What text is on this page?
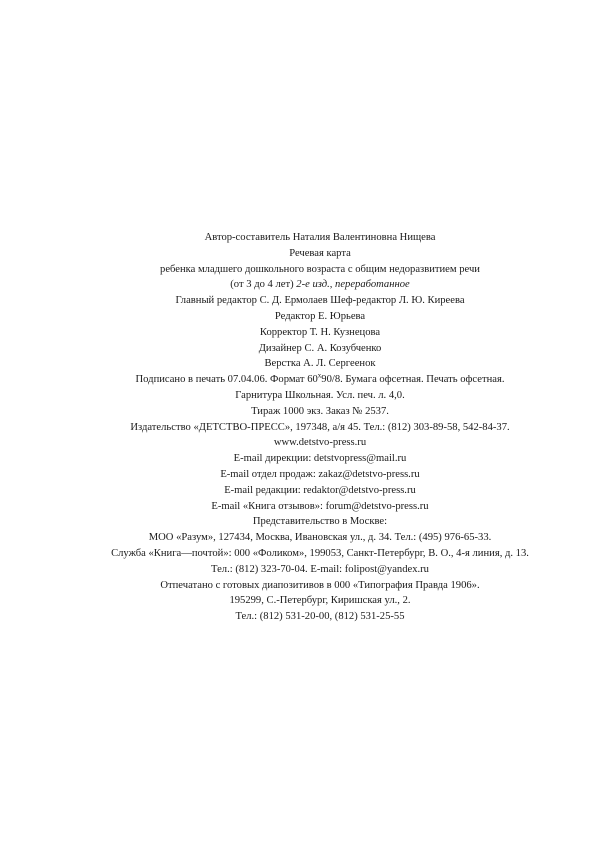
Автор-составитель Наталия Валентиновна Нищева
Речевая карта
ребенка младшего дошкольного возраста с общим недоразвитием речи
(от 3 до 4 лет) 2-е изд., переработанное
Главный редактор С. Д. Ермолаев Шеф-редактор Л. Ю. Киреева
Редактор Е. Юрьева
Корректор Т. Н. Кузнецова
Дизайнер С. А. Козубченко
Верстка А. Л. Сергеенок
Подписано в печать 07.04.06. Формат $60^х90/8$. Бумага офсетная. Печать офсетная.
Гарнитура Школьная. Усл. печ. л. 4,0.
Тираж 1000 экз. Заказ № 2537.
Издательство «ДЕТСТВО-ПРЕСС», 197348, а/я 45. Тел.: (812) 303-89-58, 542-84-37.
www.detstvo-press.ru
E-mail дирекции: detstvopress@mail.ru
E-mail отдел продаж: zakaz@detstvo-press.ru
E-mail редакции: redaktor@detstvo-press.ru
E-mail «Книга отзывов»: forum@detstvo-press.ru
Представительство в Москве:
МОО «Разум», 127434, Москва, Ивановская ул., д. 34. Тел.: (495) 976-65-33.
Служба «Книга—почтой»: 000 «Фоликом», 199053, Санкт-Петербург, В. О., 4-я линия, д. 13.
Тел.: (812) 323-70-04. E-mail: folipost@yandex.ru
Отпечатано с готовых диапозитивов в 000 «Типография Правда 1906».
195299, С.-Петербург, Киришская ул., 2.
Тел.: (812) 531-20-00, (812) 531-25-55
